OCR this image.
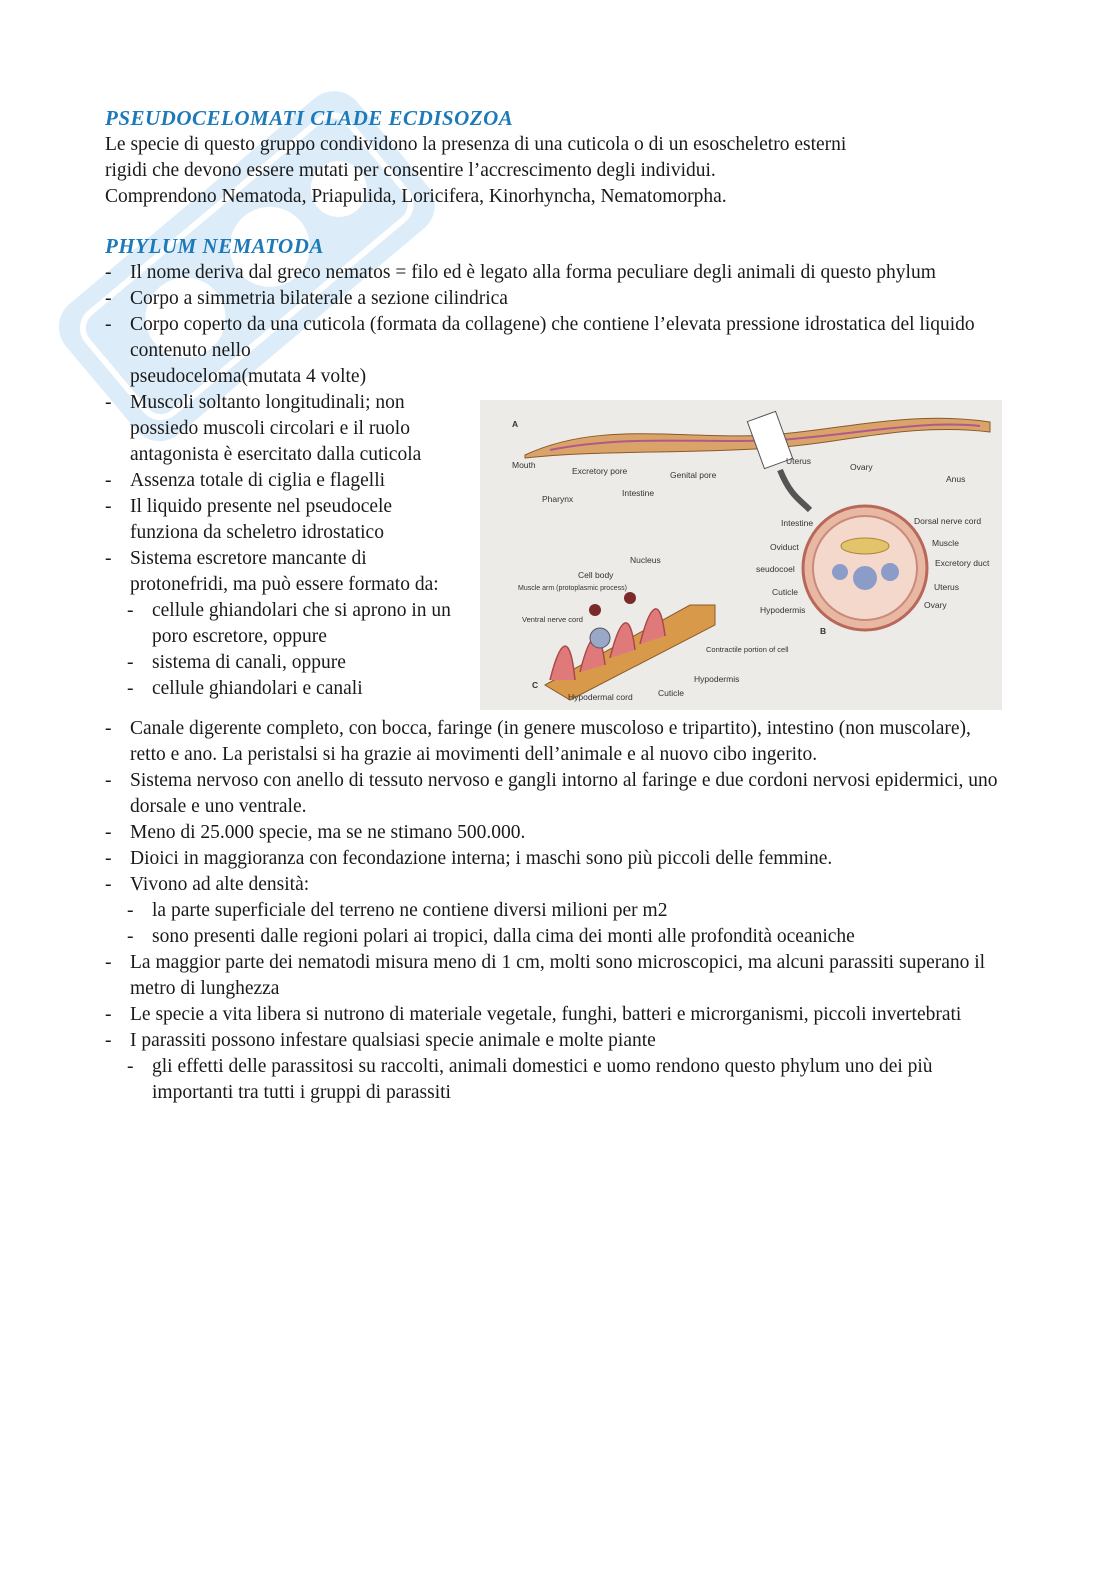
PSEUDOCELOMATI CLADE ECDISOZOA

Le specie di questo gruppo condividono la presenza di una cuticola o di un esoscheletro esterni

rigidi che devono essere mutati per consentire l’accrescimento degli individui.

Comprendono Nematoda, Priapulida, Loricifera, Kinorhyncha, Nematomorpha.

PHYLUM NEMATODA
- Il nome deriva dal greco nematos = filo ed è legato alla forma peculiare degli animali di questo phylum
- Corpo a simmetria bilaterale a sezione cilindrica
- Corpo coperto da una cuticola (formata da collagene) che contiene l’elevata pressione idrostatica del liquido contenuto nello
pseudoceloma(mutata 4 volte)
- Muscoli soltanto longitudinali; non possiedo muscoli circolari e il ruolo antagonista è esercitato dalla cuticola
- Assenza totale di ciglia e flagelli
- Il liquido presente nel pseudocele funziona da scheletro idrostatico
- Sistema escretore mancante di protonefridi, ma può essere formato da:
- cellule ghiandolari che si aprono in un poro escretore, oppure
- sistema di canali, oppure
- cellule ghiandolari e canali
- Canale digerente completo, con bocca, faringe (in genere muscoloso e tripartito), intestino (non muscolare), retto e ano. La peristalsi si ha grazie ai movimenti dell’animale e al nuovo cibo ingerito.
- Sistema nervoso con anello di tessuto nervoso e gangli intorno al faringe e due cordoni nervosi epidermici, uno dorsale e uno ventrale.
- Meno di 25.000 specie, ma se ne stimano 500.000.
- Dioici in maggioranza con fecondazione interna; i maschi sono più piccoli delle femmine.
- Vivono ad alte densità:
- la parte superficiale del terreno ne contiene diversi milioni per m2
- sono presenti dalle regioni polari ai tropici, dalla cima dei monti alle profondità oceaniche
- La maggior parte dei nematodi misura meno di 1 cm, molti sono microscopici, ma alcuni parassiti superano il metro di lunghezza
- Le specie a vita libera si nutrono di materiale vegetale, funghi, batteri e microrganismi, piccoli invertebrati
- I parassiti possono infestare qualsiasi specie animale e molte piante
- gli effetti delle parassitosi su raccolti, animali domestici e uomo rendono questo phylum uno dei più importanti tra tutti i gruppi di parassiti
A
Mouth
Excretory pore	Genital pore
Uterus
Ovary
Anus
Pharynx
Intestine
Intestine	Dorsal nerve cord
Oviduct	Muscle
Excretory duct
seudocoel
Uterus
Cuticle
Hypodermis	Ovary
B
Nucleus
Cell body
Muscle arm (protoplasmic process)
Ventral nerve cord
Contractile portion of cell
Hypodermis
Hypodermal cord	Cuticle
C
